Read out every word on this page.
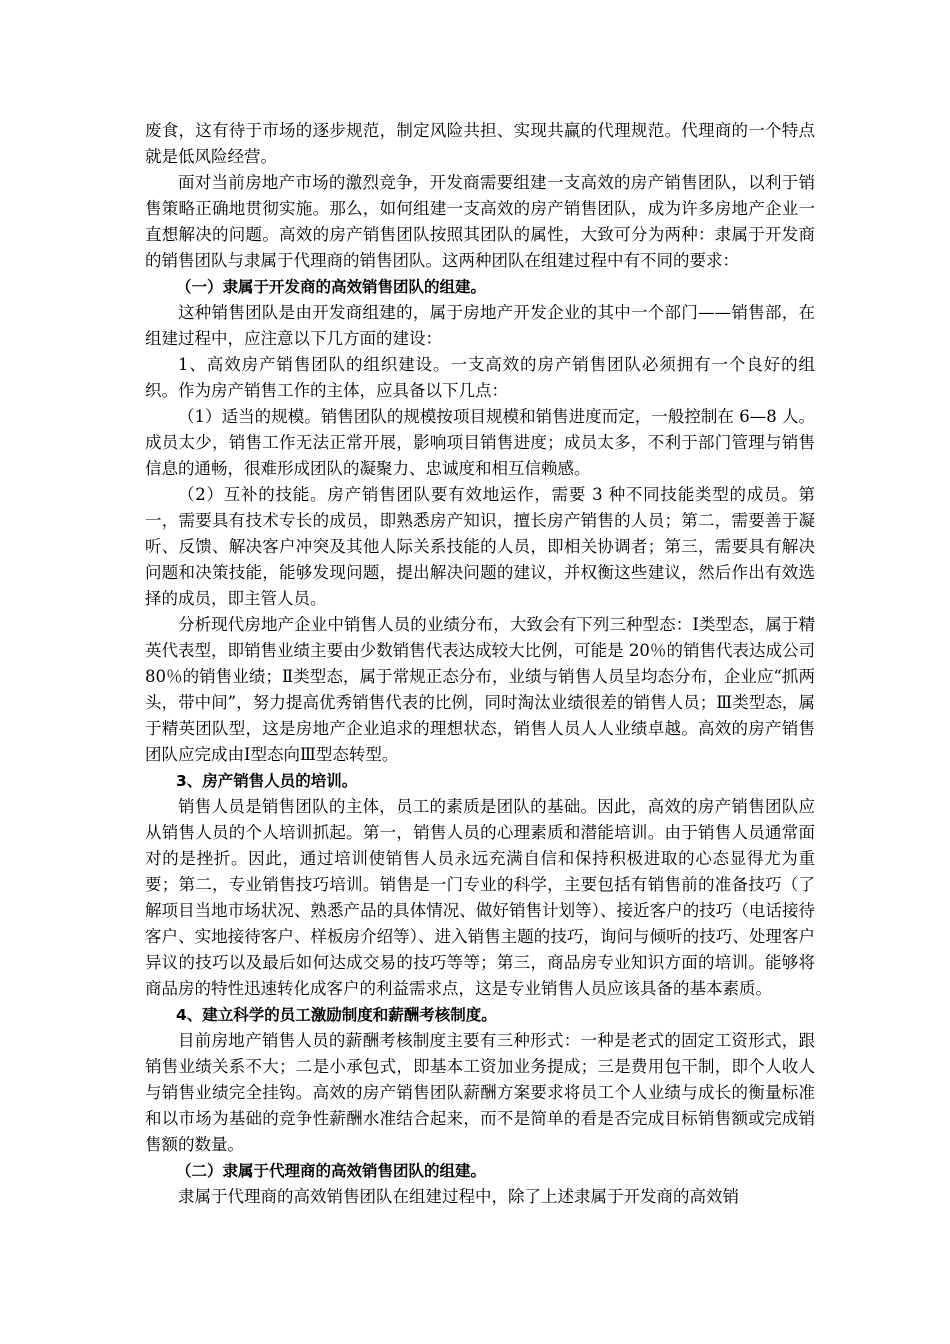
废食，这有待于市场的逐步规范，制定风险共担、实现共赢的代理规范。代理商的一个特点就是低风险经营。

面对当前房地产市场的激烈竞争，开发商需要组建一支高效的房产销售团队，以利于销售策略正确地贯彻实施。那么，如何组建一支高效的房产销售团队，成为许多房地产企业一直想解决的问题。高效的房产销售团队按照其团队的属性，大致可分为两种：隶属于开发商的销售团队与隶属于代理商的销售团队。这两种团队在组建过程中有不同的要求：

（一）隶属于开发商的高效销售团队的组建。

这种销售团队是由开发商组建的，属于房地产开发企业的其中一个部门——销售部，在组建过程中，应注意以下几方面的建设：

1、高效房产销售团队的组织建设。一支高效的房产销售团队必须拥有一个良好的组织。作为房产销售工作的主体，应具备以下几点：

（1）适当的规模。销售团队的规模按项目规模和销售进度而定，一般控制在 6—8 人。成员太少，销售工作无法正常开展，影响项目销售进度；成员太多，不利于部门管理与销售信息的通畅，很难形成团队的凝聚力、忠诚度和相互信赖感。

（2）互补的技能。房产销售团队要有效地运作，需要 3 种不同技能类型的成员。第一，需要具有技术专长的成员，即熟悉房产知识，擅长房产销售的人员；第二，需要善于凝听、反馈、解决客户冲突及其他人际关系技能的人员，即相关协调者；第三，需要具有解决问题和决策技能，能够发现问题，提出解决问题的建议，并权衡这些建议，然后作出有效选择的成员，即主管人员。

分析现代房地产企业中销售人员的业绩分布，大致会有下列三种型态：Ⅰ类型态，属于精英代表型，即销售业绩主要由少数销售代表达成较大比例，可能是 20％的销售代表达成公司 80％的销售业绩；Ⅱ类型态，属于常规正态分布，业绩与销售人员呈均态分布，企业应“抓两头，带中间”，努力提高优秀销售代表的比例，同时淘汰业绩很差的销售人员；Ⅲ类型态，属于精英团队型，这是房地产企业追求的理想状态，销售人员人人业绩卓越。高效的房产销售团队应完成由Ⅰ型态向Ⅲ型态转型。

3、房产销售人员的培训。

销售人员是销售团队的主体，员工的素质是团队的基础。因此，高效的房产销售团队应从销售人员的个人培训抓起。第一，销售人员的心理素质和潜能培训。由于销售人员通常面对的是挫折。因此，通过培训使销售人员永远充满自信和保持积极进取的心态显得尤为重要；第二，专业销售技巧培训。销售是一门专业的科学，主要包括有销售前的准备技巧（了解项目当地市场状况、熟悉产品的具体情况、做好销售计划等）、接近客户的技巧（电话接待客户、实地接待客户、样板房介绍等）、进入销售主题的技巧，询问与倾听的技巧、处理客户异议的技巧以及最后如何达成交易的技巧等等；第三，商品房专业知识方面的培训。能够将商品房的特性迅速转化成客户的利益需求点，这是专业销售人员应该具备的基本素质。

4、建立科学的员工激励制度和薪酬考核制度。

目前房地产销售人员的薪酬考核制度主要有三种形式：一种是老式的固定工资形式，跟销售业绩关系不大；二是小承包式，即基本工资加业务提成；三是费用包干制，即个人收人与销售业绩完全挂钩。高效的房产销售团队薪酬方案要求将员工个人业绩与成长的衡量标准和以市场为基础的竞争性薪酬水准结合起来，而不是简单的看是否完成目标销售额或完成销售额的数量。

（二）隶属于代理商的高效销售团队的组建。

隶属于代理商的高效销售团队在组建过程中，除了上述隶属于开发商的高效销
